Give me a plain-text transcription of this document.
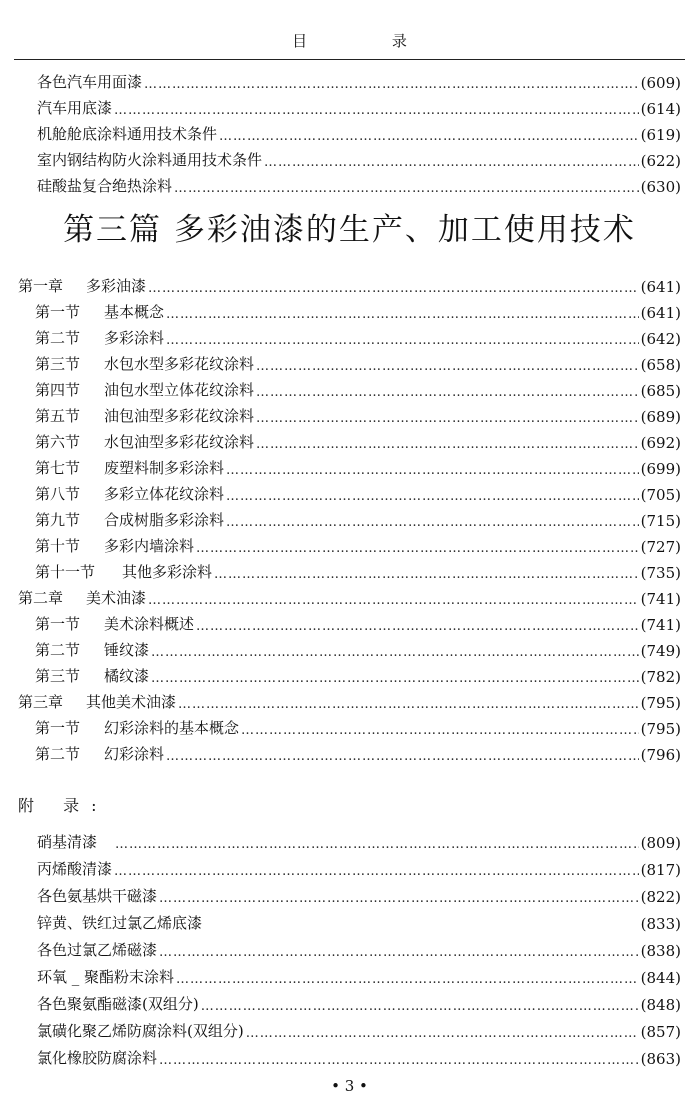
目 录
各色汽车用面漆 ………………………………………………………………………………………………………………………………………………………………	(609)
汽车用底漆 ………………………………………………………………………………………………………………………………………………………………	(614)
机舱舱底涂料通用技术条件 ………………………………………………………………………………………………………………………………………………………………	(619)
室内钢结构防火涂料通用技术条件 ………………………………………………………………………………………………………………………………………………………………	(622)
硅酸盐复合绝热涂料 ………………………………………………………………………………………………………………………………………………………………	(630)
第三篇 多彩油漆的生产、加工使用技术
第一章	多彩油漆 ………………………………………………………………………………………………………………………………………………………………	(641)
第一节	基本概念 ………………………………………………………………………………………………………………………………………………………………	(641)
第二节	多彩涂料 ………………………………………………………………………………………………………………………………………………………………	(642)
第三节	水包水型多彩花纹涂料 ………………………………………………………………………………………………………………………………………………………………	(658)
第四节	油包水型立体花纹涂料 ………………………………………………………………………………………………………………………………………………………………	(685)
第五节	油包油型多彩花纹涂料 ………………………………………………………………………………………………………………………………………………………………	(689)
第六节	水包油型多彩花纹涂料 ………………………………………………………………………………………………………………………………………………………………	(692)
第七节	废塑料制多彩涂料 ………………………………………………………………………………………………………………………………………………………………	(699)
第八节	多彩立体花纹涂料 ………………………………………………………………………………………………………………………………………………………………	(705)
第九节	合成树脂多彩涂料 ………………………………………………………………………………………………………………………………………………………………	(715)
第十节	多彩内墙涂料 ………………………………………………………………………………………………………………………………………………………………	(727)
第十一节	其他多彩涂料 ………………………………………………………………………………………………………………………………………………………………	(735)
第二章	美术油漆 ………………………………………………………………………………………………………………………………………………………………	(741)
第一节	美术涂料概述 ………………………………………………………………………………………………………………………………………………………………	(741)
第二节	锤纹漆 ………………………………………………………………………………………………………………………………………………………………	(749)
第三节	橘纹漆 ………………………………………………………………………………………………………………………………………………………………	(782)
第三章	其他美术油漆 ………………………………………………………………………………………………………………………………………………………………	(795)
第一节	幻彩涂料的基本概念 ………………………………………………………………………………………………………………………………………………………………	(795)
第二节	幻彩涂料 ………………………………………………………………………………………………………………………………………………………………	(796)
附 录:
硝基清漆 ………………………………………………………………………………………………………………………………………………………………	(809)
丙烯酸清漆 ………………………………………………………………………………………………………………………………………………………………	(817)
各色氨基烘干磁漆 ………………………………………………………………………………………………………………………………………………………………	(822)
锌黄、铁红过氯乙烯底漆	(833)
各色过氯乙烯磁漆 ………………………………………………………………………………………………………………………………………………………………	(838)
环氧 _ 聚酯粉末涂料 ………………………………………………………………………………………………………………………………………………………………	(844)
各色聚氨酯磁漆(双组分) ………………………………………………………………………………………………………………………………………………………………	(848)
氯磺化聚乙烯防腐涂料(双组分) ………………………………………………………………………………………………………………………………………………………………	(857)
氯化橡胶防腐涂料 ………………………………………………………………………………………………………………………………………………………………	(863)
• 3 •
